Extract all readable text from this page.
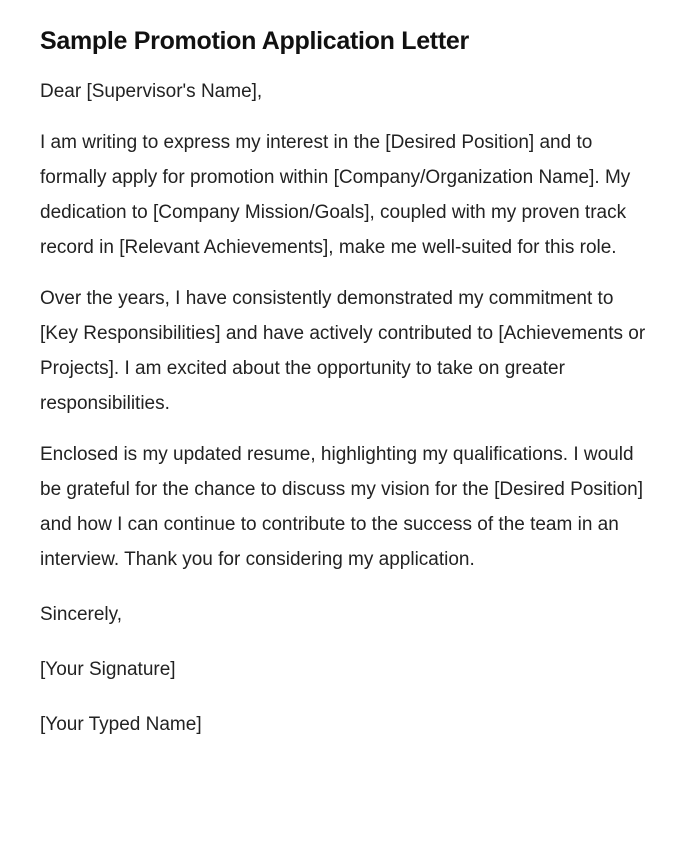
Sample Promotion Application Letter

Dear [Supervisor's Name],

I am writing to express my interest in the [Desired Position] and to formally apply for promotion within [Company/Organization Name]. My dedication to [Company Mission/Goals], coupled with my proven track record in [Relevant Achievements], make me well-suited for this role.

Over the years, I have consistently demonstrated my commitment to [Key Responsibilities] and have actively contributed to [Achievements or Projects]. I am excited about the opportunity to take on greater responsibilities.

Enclosed is my updated resume, highlighting my qualifications. I would be grateful for the chance to discuss my vision for the [Desired Position] and how I can continue to contribute to the success of the team in an interview. Thank you for considering my application.

Sincerely,

[Your Signature]

[Your Typed Name]
